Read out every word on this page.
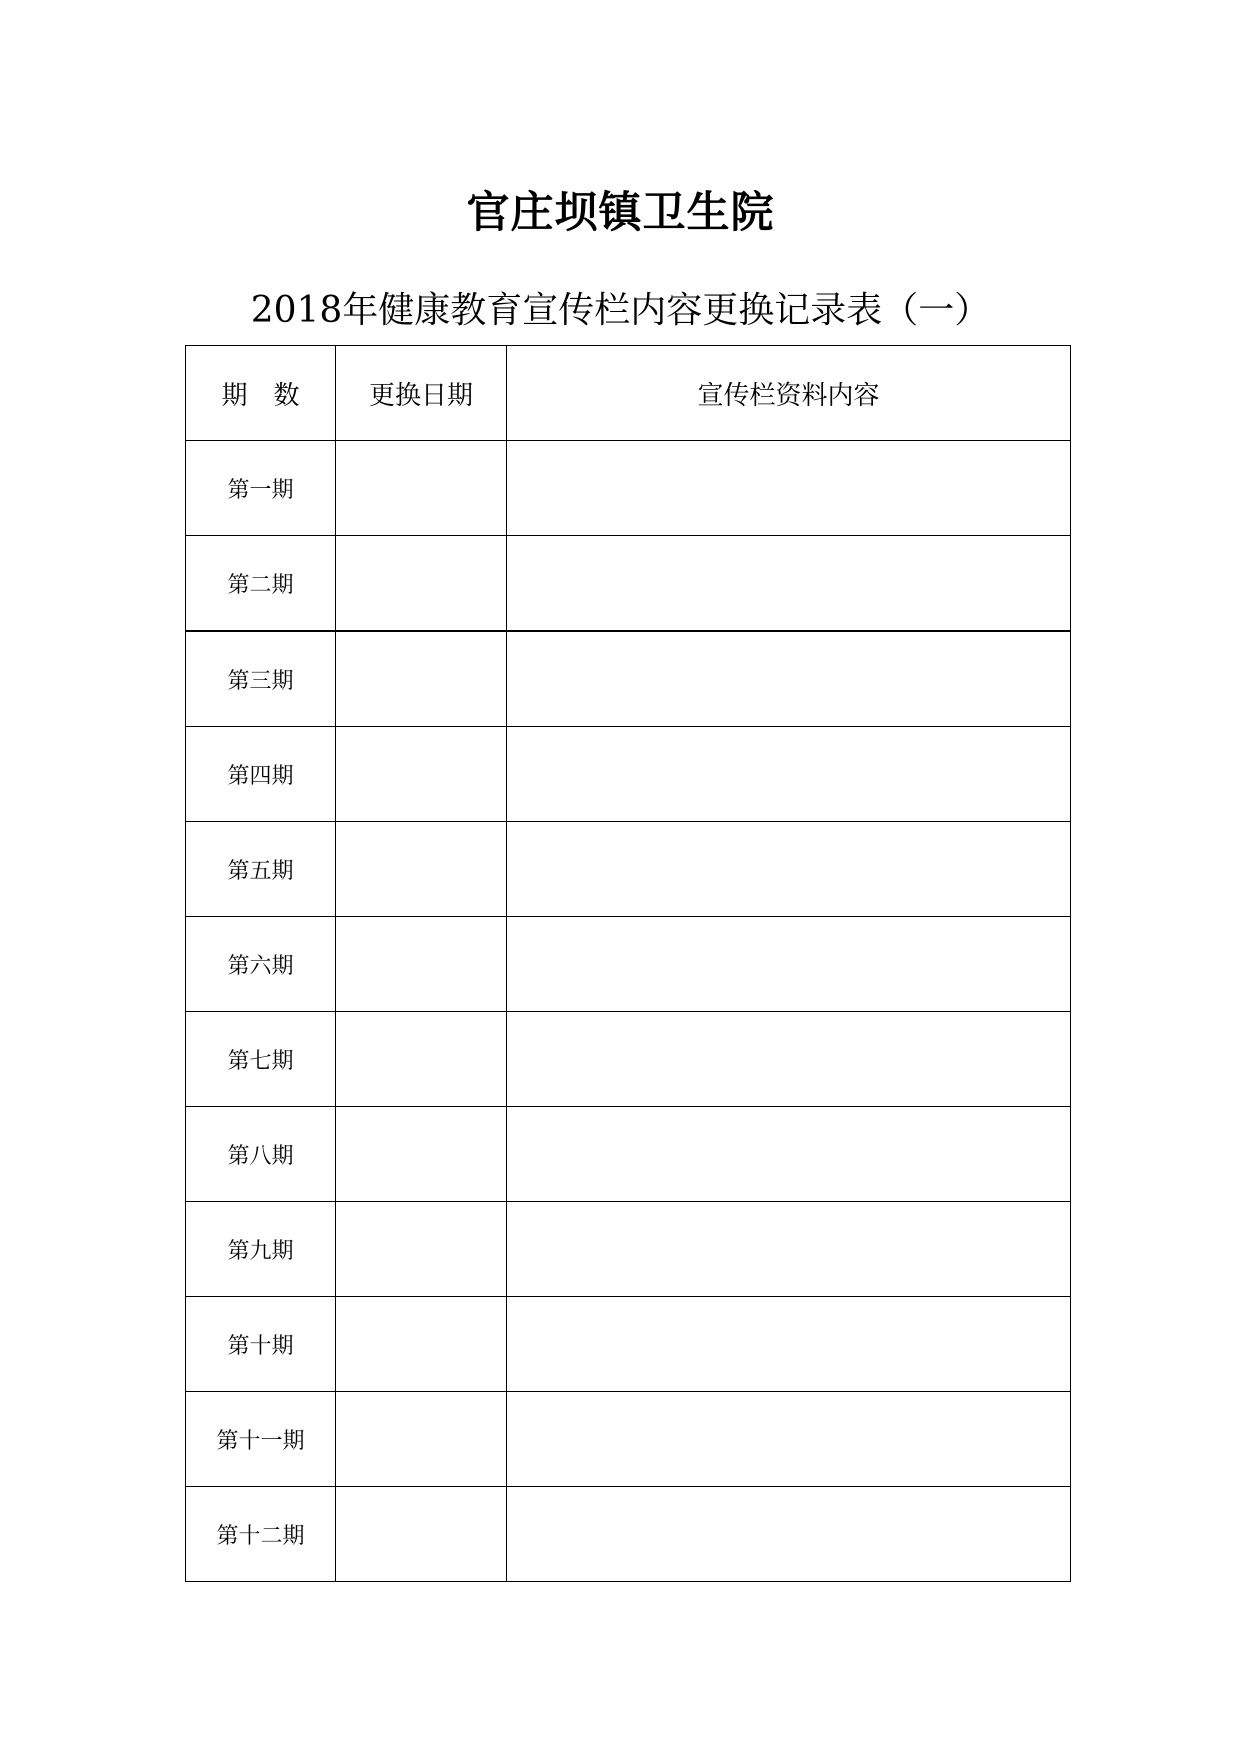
官庄坝镇卫生院
2018年健康教育宣传栏内容更换记录表（一）
期　数	更换日期	宣传栏资料内容
第一期		
第二期		
第三期		
第四期		
第五期		
第六期		
第七期		
第八期		
第九期		
第十期		
第十一期		
第十二期		
